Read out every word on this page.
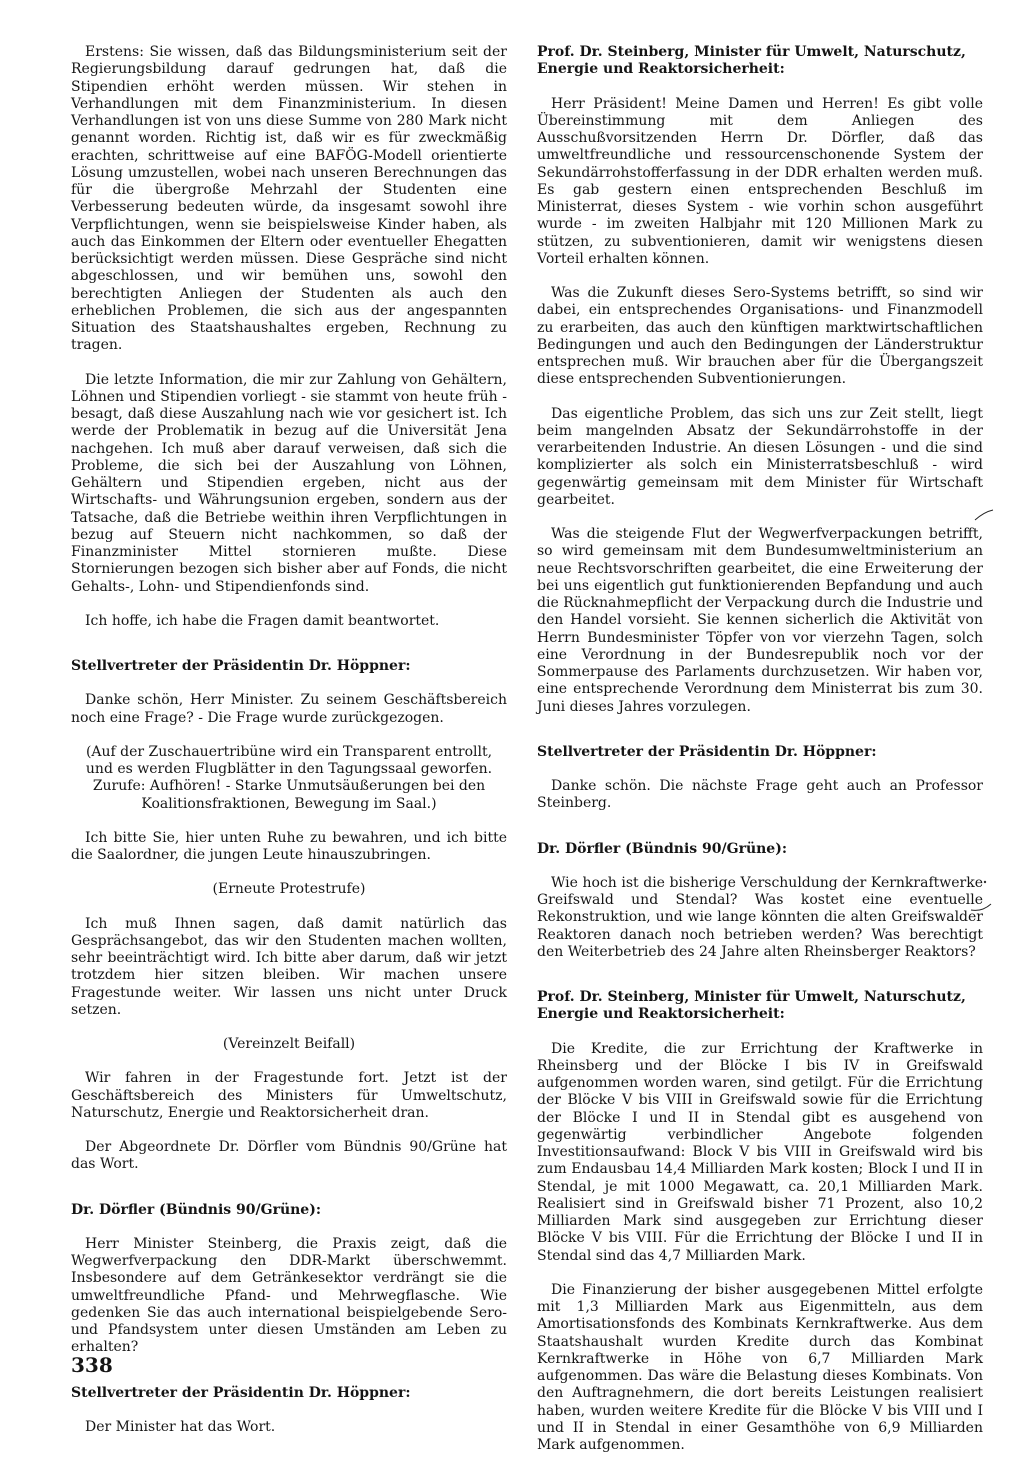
Erstens: Sie wissen, daß das Bildungsministerium seit der Regierungsbildung darauf gedrungen hat, daß die Stipendien erhöht werden müssen. Wir stehen in Verhandlungen mit dem Finanzministerium. In diesen Verhandlungen ist von uns diese Summe von 280 Mark nicht genannt worden. Richtig ist, daß wir es für zweckmäßig erachten, schrittweise auf eine BAFÖG-Modell orientierte Lösung umzustellen, wobei nach unseren Berechnungen das für die übergroße Mehrzahl der Studenten eine Verbesserung bedeuten würde, da insgesamt sowohl ihre Verpflichtungen, wenn sie beispielsweise Kinder haben, als auch das Einkommen der Eltern oder eventueller Ehegatten berücksichtigt werden müssen. Diese Gespräche sind nicht abgeschlossen, und wir bemühen uns, sowohl den berechtigten Anliegen der Studenten als auch den erheblichen Problemen, die sich aus der angespannten Situation des Staatshaushaltes ergeben, Rechnung zu tragen.

Die letzte Information, die mir zur Zahlung von Gehältern, Löhnen und Stipendien vorliegt - sie stammt von heute früh - besagt, daß diese Auszahlung nach wie vor gesichert ist. Ich werde der Problematik in bezug auf die Universität Jena nachgehen. Ich muß aber darauf verweisen, daß sich die Probleme, die sich bei der Auszahlung von Löhnen, Gehältern und Stipendien ergeben, nicht aus der Wirtschafts- und Währungsunion ergeben, sondern aus der Tatsache, daß die Betriebe weithin ihren Verpflichtungen in bezug auf Steuern nicht nachkommen, so daß der Finanzminister Mittel stornieren mußte. Diese Stornierungen bezogen sich bisher aber auf Fonds, die nicht Gehalts-, Lohn- und Stipendienfonds sind.

Ich hoffe, ich habe die Fragen damit beantwortet.

Stellvertreter der Präsidentin Dr. Höppner:

Danke schön, Herr Minister. Zu seinem Geschäftsbereich noch eine Frage? - Die Frage wurde zurückgezogen.

(Auf der Zuschauertribüne wird ein Transparent entrollt, und es werden Flugblätter in den Tagungssaal geworfen. Zurufe: Aufhören! - Starke Unmutsäußerungen bei den Koalitionsfraktionen, Bewegung im Saal.)

Ich bitte Sie, hier unten Ruhe zu bewahren, und ich bitte die Saalordner, die jungen Leute hinauszubringen.

(Erneute Protestrufe)

Ich muß Ihnen sagen, daß damit natürlich das Gesprächsangebot, das wir den Studenten machen wollten, sehr beeinträchtigt wird. Ich bitte aber darum, daß wir jetzt trotzdem hier sitzen bleiben. Wir machen unsere Fragestunde weiter. Wir lassen uns nicht unter Druck setzen.

(Vereinzelt Beifall)

Wir fahren in der Fragestunde fort. Jetzt ist der Geschäftsbereich des Ministers für Umweltschutz, Naturschutz, Energie und Reaktorsicherheit dran.

Der Abgeordnete Dr. Dörfler vom Bündnis 90/Grüne hat das Wort.

Dr. Dörfler (Bündnis 90/Grüne):

Herr Minister Steinberg, die Praxis zeigt, daß die Wegwerfverpackung den DDR-Markt überschwemmt. Insbesondere auf dem Getränkesektor verdrängt sie die umweltfreundliche Pfand- und Mehrwegflasche. Wie gedenken Sie das auch international beispielgebende Sero- und Pfandsystem unter diesen Umständen am Leben zu erhalten?

Stellvertreter der Präsidentin Dr. Höppner:

Der Minister hat das Wort.

Prof. Dr. Steinberg, Minister für Umwelt, Naturschutz, Energie und Reaktorsicherheit:

Herr Präsident! Meine Damen und Herren! Es gibt volle Übereinstimmung mit dem Anliegen des Ausschußvorsitzenden Herrn Dr. Dörfler, daß das umweltfreundliche und ressourcenschonende System der Sekundärrohstofferfassung in der DDR erhalten werden muß. Es gab gestern einen entsprechenden Beschluß im Ministerrat, dieses System - wie vorhin schon ausgeführt wurde - im zweiten Halbjahr mit 120 Millionen Mark zu stützen, zu subventionieren, damit wir wenigstens diesen Vorteil erhalten können.

Was die Zukunft dieses Sero-Systems betrifft, so sind wir dabei, ein entsprechendes Organisations- und Finanzmodell zu erarbeiten, das auch den künftigen marktwirtschaftlichen Bedingungen und auch den Bedingungen der Länderstruktur entsprechen muß. Wir brauchen aber für die Übergangszeit diese entsprechenden Subventionierungen.

Das eigentliche Problem, das sich uns zur Zeit stellt, liegt beim mangelnden Absatz der Sekundärrohstoffe in der verarbeitenden Industrie. An diesen Lösungen - und die sind komplizierter als solch ein Ministerratsbeschluß - wird gegenwärtig gemeinsam mit dem Minister für Wirtschaft gearbeitet.

Was die steigende Flut der Wegwerfverpackungen betrifft, so wird gemeinsam mit dem Bundesumweltministerium an neue Rechtsvorschriften gearbeitet, die eine Erweiterung der bei uns eigentlich gut funktionierenden Bepfandung und auch die Rücknahmepflicht der Verpackung durch die Industrie und den Handel vorsieht. Sie kennen sicherlich die Aktivität von Herrn Bundesminister Töpfer von vor vierzehn Tagen, solch eine Verordnung in der Bundesrepublik noch vor der Sommerpause des Parlaments durchzusetzen. Wir haben vor, eine entsprechende Verordnung dem Ministerrat bis zum 30. Juni dieses Jahres vorzulegen.

Stellvertreter der Präsidentin Dr. Höppner:

Danke schön. Die nächste Frage geht auch an Professor Steinberg.

Dr. Dörfler (Bündnis 90/Grüne):

Wie hoch ist die bisherige Verschuldung der Kernkraftwerke Greifswald und Stendal? Was kostet eine eventuelle Rekonstruktion, und wie lange könnten die alten Greifswalder Reaktoren danach noch betrieben werden? Was berechtigt den Weiterbetrieb des 24 Jahre alten Rheinsberger Reaktors?

Prof. Dr. Steinberg, Minister für Umwelt, Naturschutz, Energie und Reaktorsicherheit:

Die Kredite, die zur Errichtung der Kraftwerke in Rheinsberg und der Blöcke I bis IV in Greifswald aufgenommen worden waren, sind getilgt. Für die Errichtung der Blöcke V bis VIII in Greifswald sowie für die Errichtung der Blöcke I und II in Stendal gibt es ausgehend von gegenwärtig verbindlicher Angebote folgenden Investitionsaufwand: Block V bis VIII in Greifswald wird bis zum Endausbau 14,4 Milliarden Mark kosten; Block I und II in Stendal, je mit 1000 Megawatt, ca. 20,1 Milliarden Mark. Realisiert sind in Greifswald bisher 71 Prozent, also 10,2 Milliarden Mark sind ausgegeben zur Errichtung dieser Blöcke V bis VIII. Für die Errichtung der Blöcke I und II in Stendal sind das 4,7 Milliarden Mark.

Die Finanzierung der bisher ausgegebenen Mittel erfolgte mit 1,3 Milliarden Mark aus Eigenmitteln, aus dem Amortisationsfonds des Kombinats Kernkraftwerke. Aus dem Staatshaushalt wurden Kredite durch das Kombinat Kernkraftwerke in Höhe von 6,7 Milliarden Mark aufgenommen. Das wäre die Belastung dieses Kombinats. Von den Auftragnehmern, die dort bereits Leistungen realisiert haben, wurden weitere Kredite für die Blöcke V bis VIII und I und II in Stendal in einer Gesamthöhe von 6,9 Milliarden Mark aufgenommen.

338
